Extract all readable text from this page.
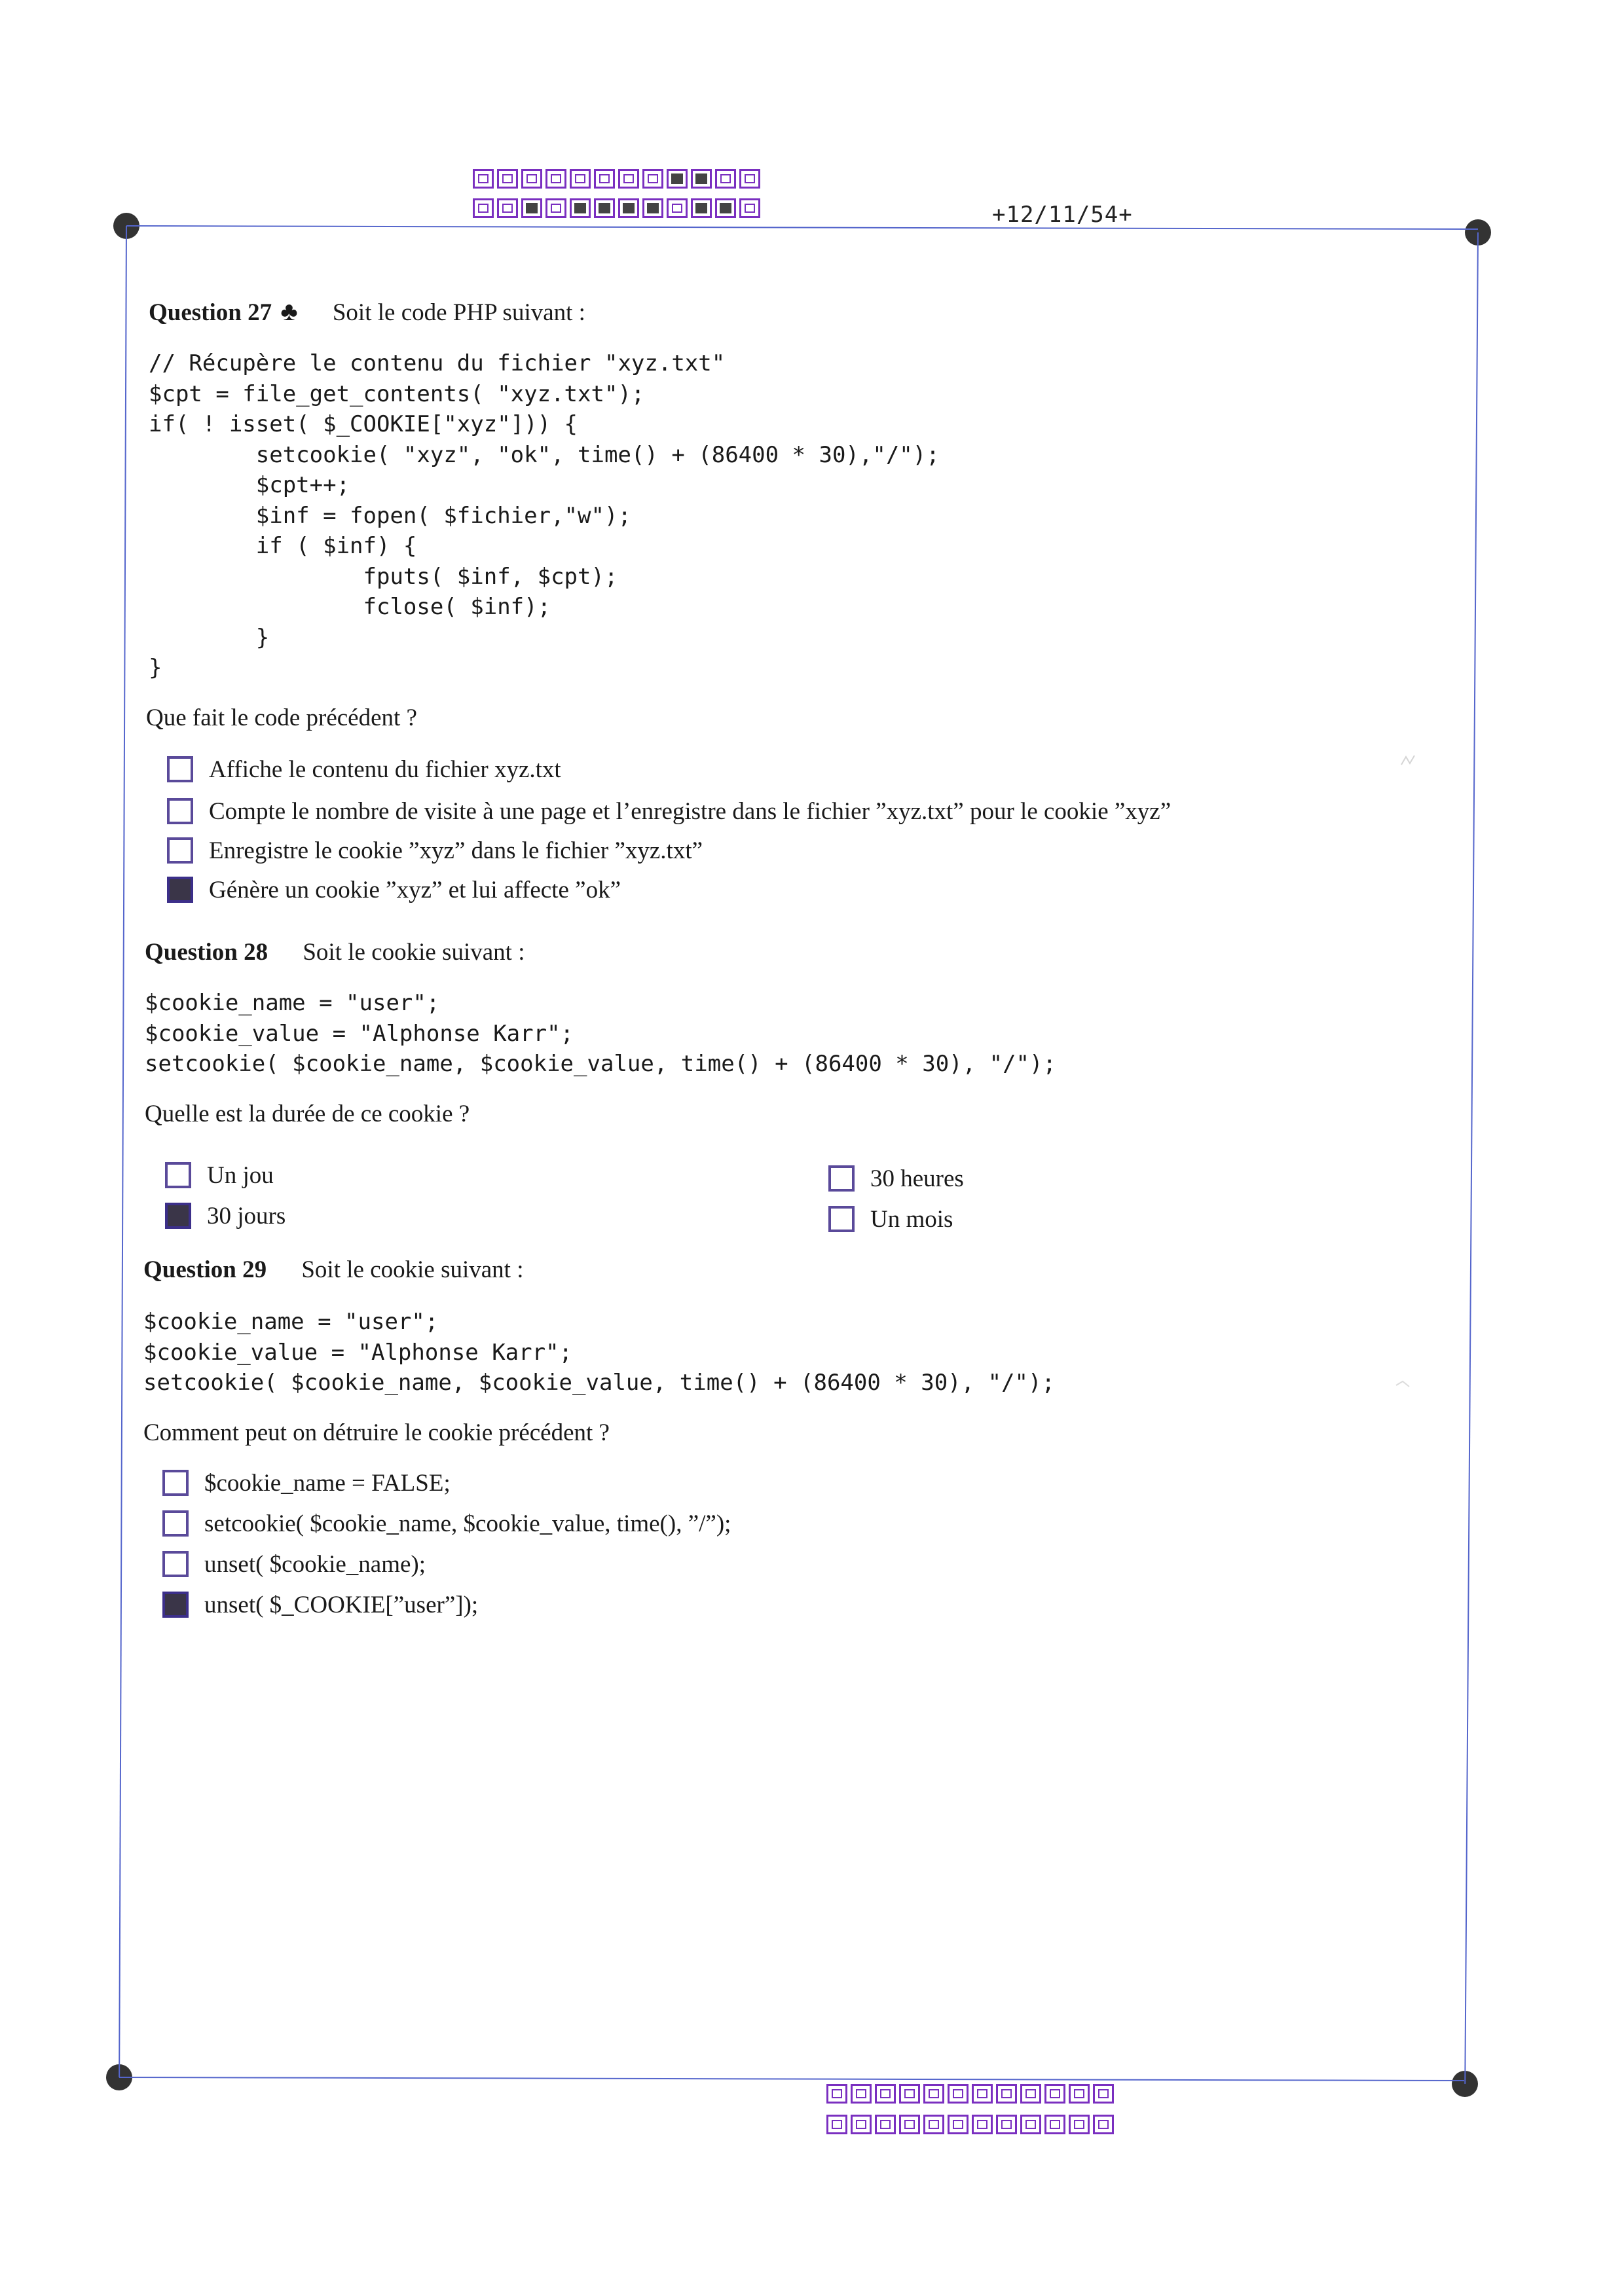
+12/11/54+
Question 27 ♣ Soit le code PHP suivant :
// Récupère le contenu du fichier "xyz.txt"
$cpt = file_get_contents( "xyz.txt");
if( ! isset( $_COOKIE["xyz"])) {
setcookie( "xyz", "ok", time() + (86400 * 30),"/");
$cpt++;
$inf = fopen( $fichier,"w");
if ( $inf) {
fputs( $inf, $cpt);
fclose( $inf);
}
}
Que fait le code précédent ?
Affiche le contenu du fichier xyz.txt
Compte le nombre de visite à une page et l’enregistre dans le fichier ”xyz.txt” pour le cookie ”xyz”
Enregistre le cookie ”xyz” dans le fichier ”xyz.txt”
Génère un cookie ”xyz” et lui affecte ”ok”
Question 28 Soit le cookie suivant :
$cookie_name = "user";
$cookie_value = "Alphonse Karr";
setcookie( $cookie_name, $cookie_value, time() + (86400 * 30), "/");
Quelle est la durée de ce cookie ?
Un jou
30 jours
30 heures
Un mois
Question 29 Soit le cookie suivant :
$cookie_name = "user";
$cookie_value = "Alphonse Karr";
setcookie( $cookie_name, $cookie_value, time() + (86400 * 30), "/");
Comment peut on détruire le cookie précédent ?
$cookie_name = FALSE;
setcookie( $cookie_name, $cookie_value, time(), ”/”);
unset( $cookie_name);
unset( $_COOKIE[”user”]);
